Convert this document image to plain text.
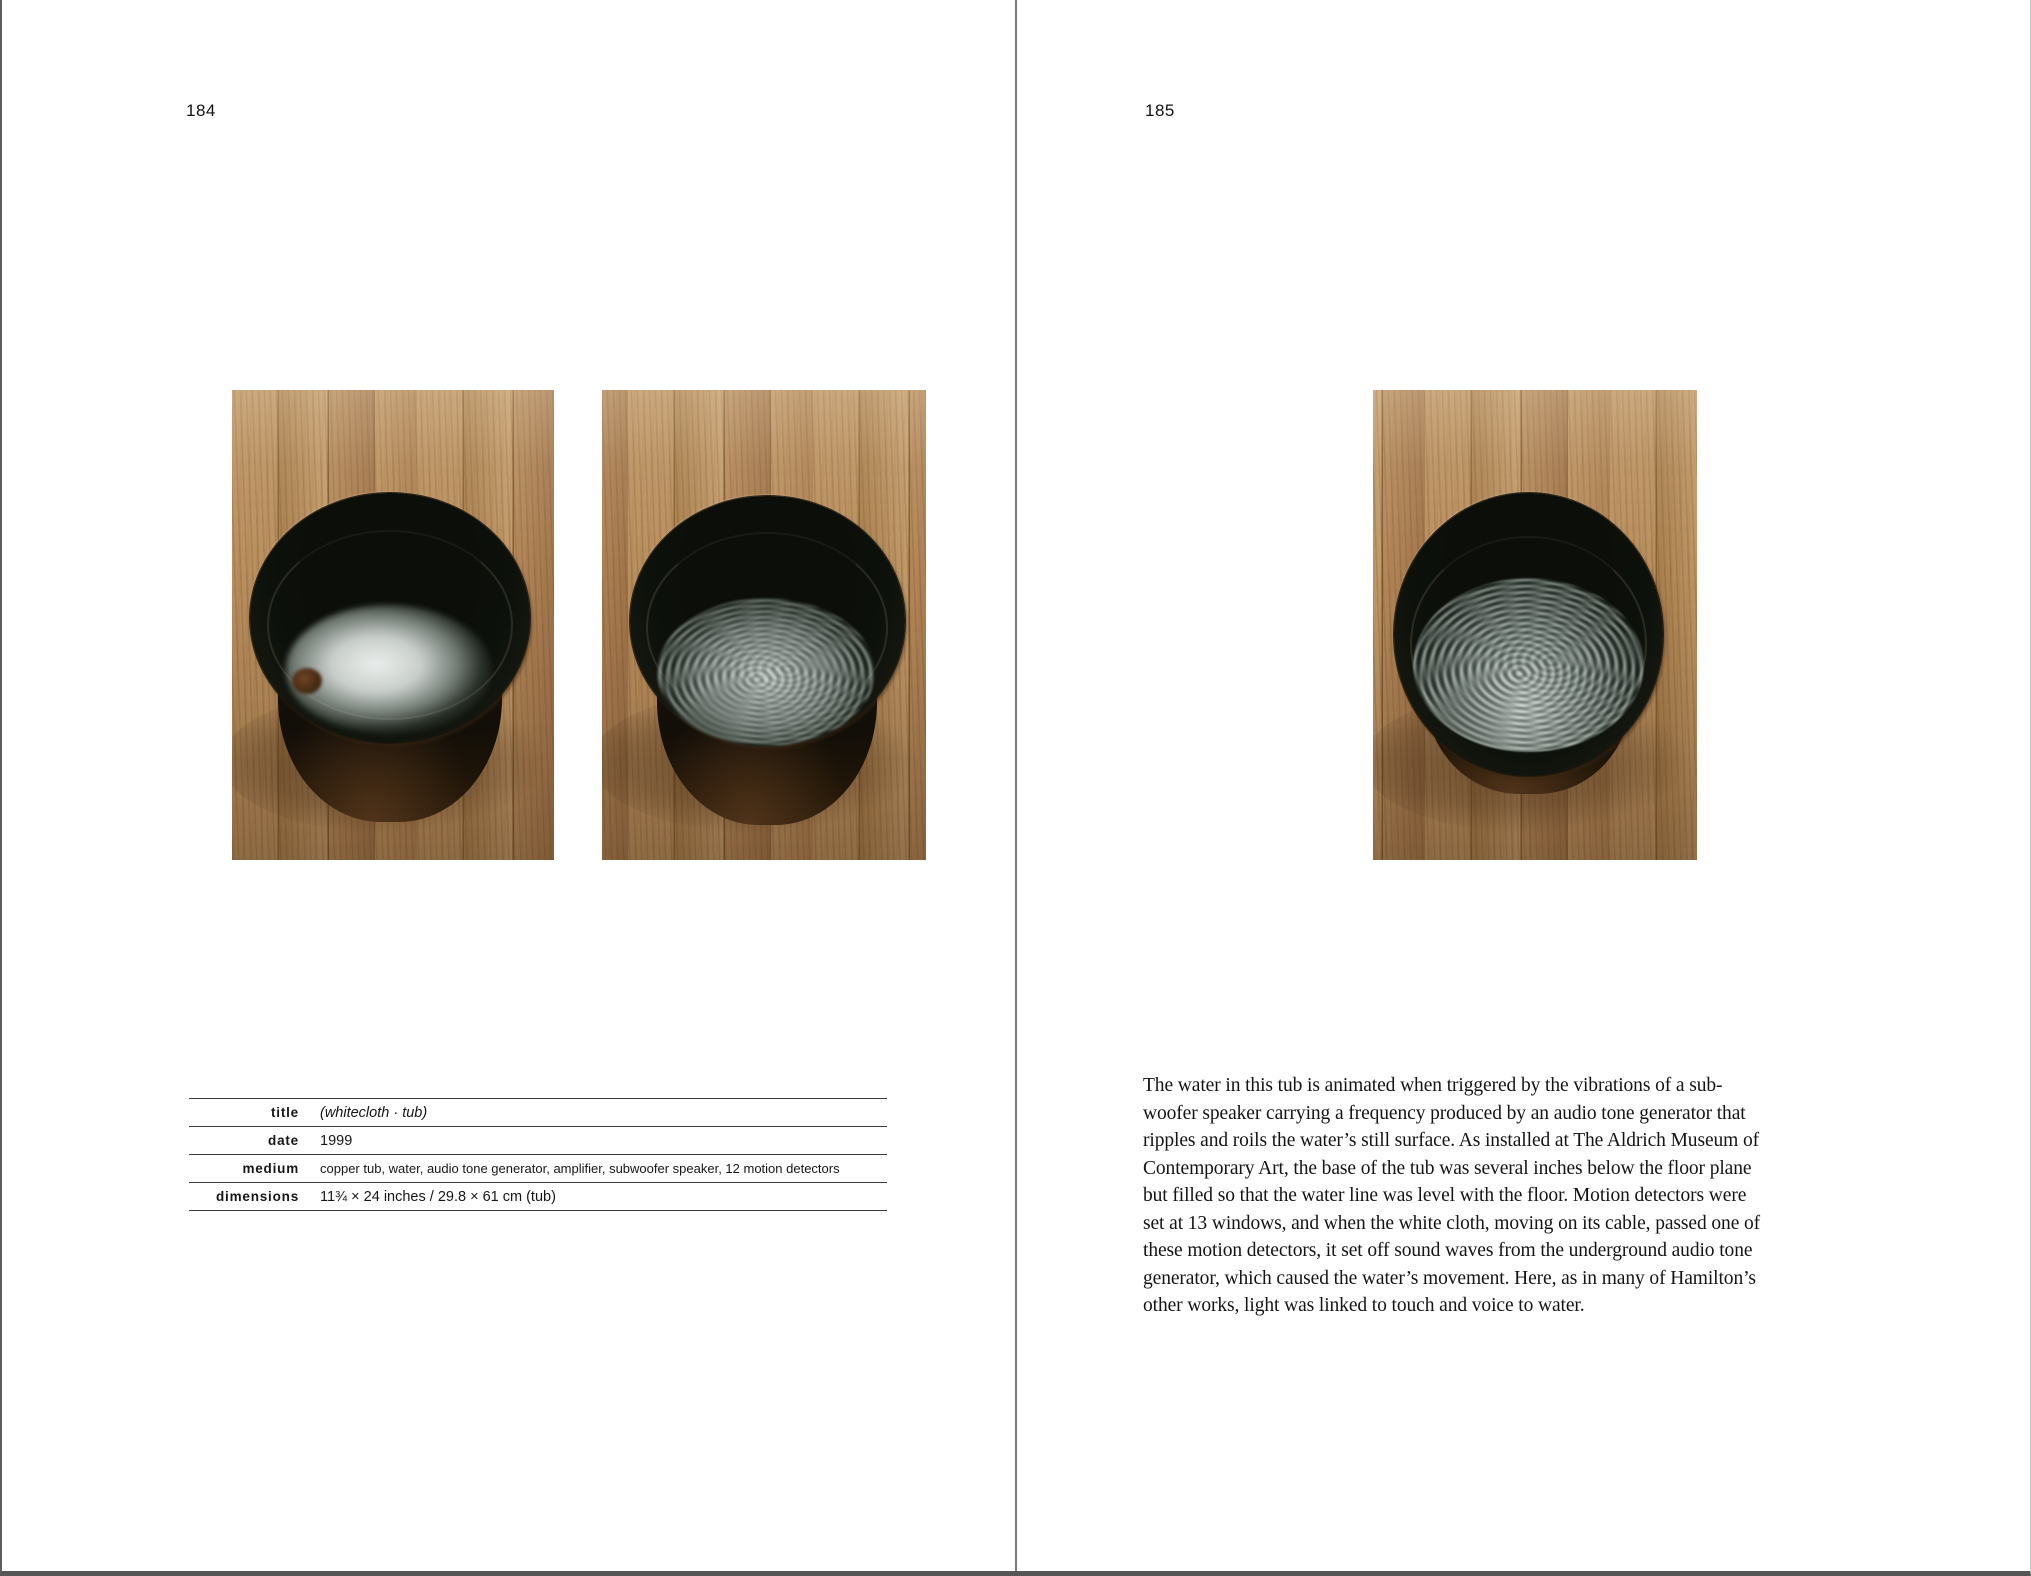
184
title	(whitecloth · tub)
date	1999
medium	copper tub, water, audio tone generator, amplifier, subwoofer speaker, 12 motion detectors
dimensions	11¾ × 24 inches / 29.8 × 61 cm (tub)
185
The water in this tub is animated when triggered by the vibrations of a sub-
woofer speaker carrying a frequency produced by an audio tone generator that
ripples and roils the water’s still surface. As installed at The Aldrich Museum of
Contemporary Art, the base of the tub was several inches below the floor plane
but filled so that the water line was level with the floor. Motion detectors were
set at 13 windows, and when the white cloth, moving on its cable, passed one of
these motion detectors, it set off sound waves from the underground audio tone
generator, which caused the water’s movement. Here, as in many of Hamilton’s
other works, light was linked to touch and voice to water.
